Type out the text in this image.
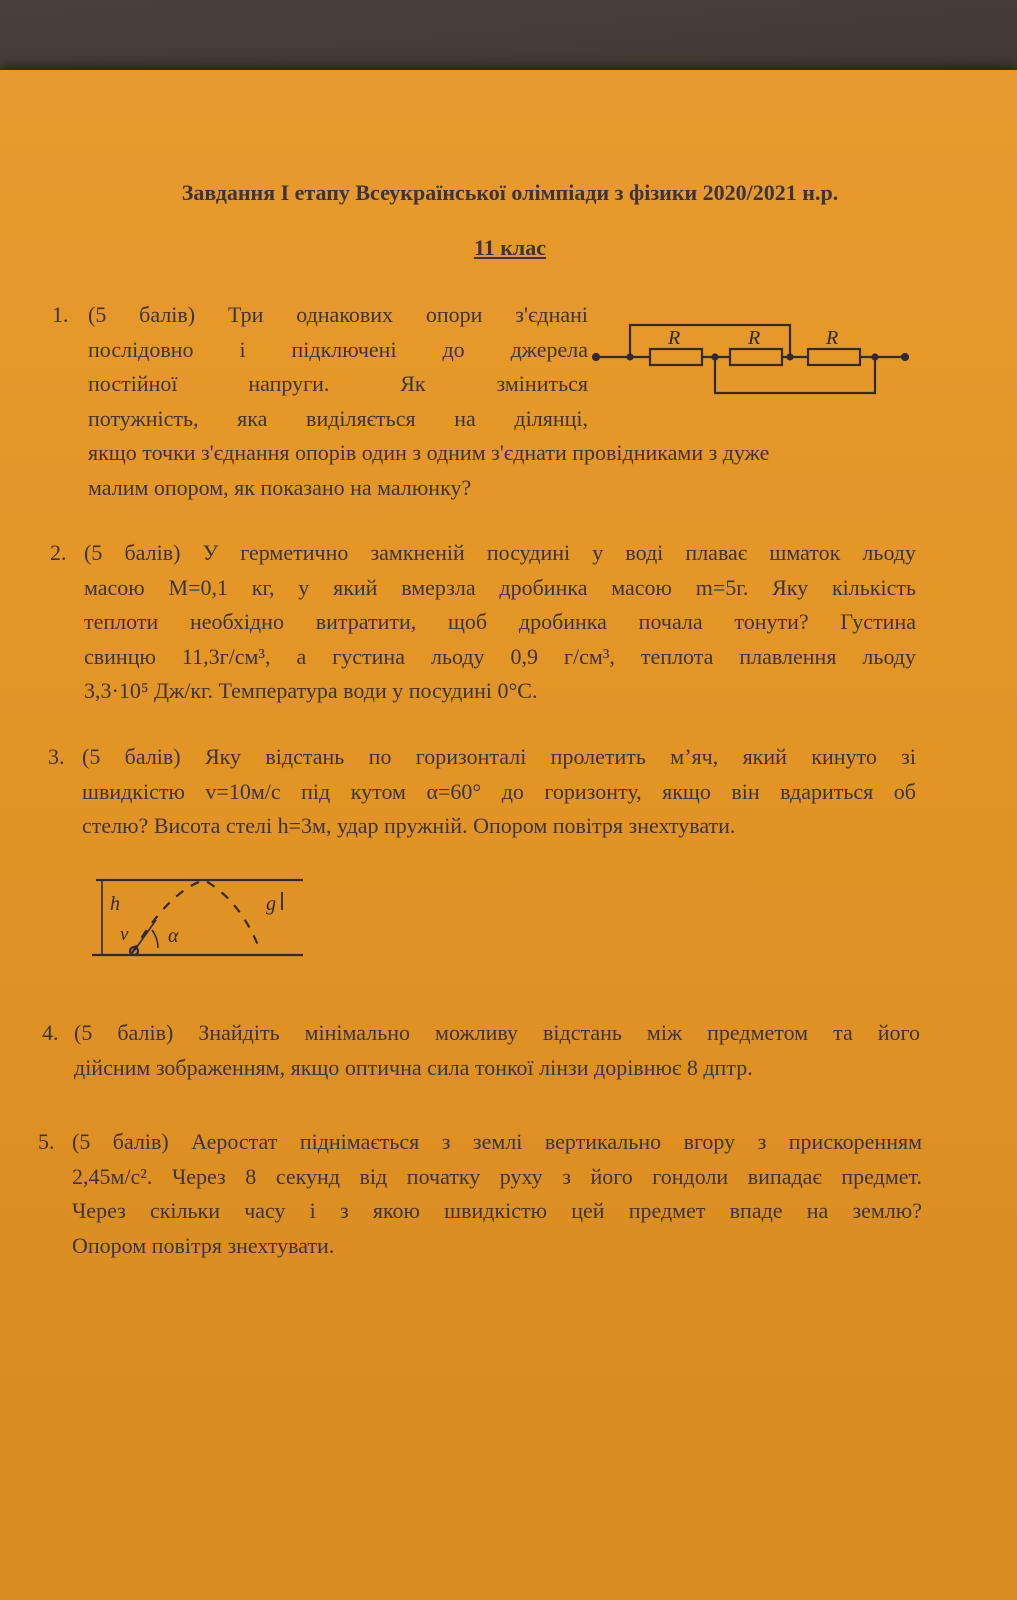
Завдання І етапу Всеукраїнської олімпіади з фізики 2020/2021 н.р.
11 клас
1. (5 балів) Три однакових опори з'єднані
послідовно і підключені до джерела
постійної напруги. Як зміниться
потужність, яка виділяється на ділянці,
якщо точки з'єднання опорів один з одним з'єднати провідниками з дуже
малим опором, як показано на малюнку?
R	R	R
2. (5 балів) У герметично замкненій посудині у воді плаває шматок льоду
масою M=0,1 кг, у який вмерзла дробинка масою m=5г. Яку кількість
теплоти необхідно витратити, щоб дробинка почала тонути? Густина
свинцю 11,3г/см³, а густина льоду 0,9 г/см³, теплота плавлення льоду
3,3·10⁵ Дж/кг. Температура води у посудині 0°С.
3. (5 балів) Яку відстань по горизонталі пролетить м’яч, який кинуто зі
швидкістю v=10м/с під кутом α=60° до горизонту, якщо він вдариться об
стелю? Висота стелі h=3м, удар пружній. Опором повітря знехтувати.
h
v α
g
4. (5 балів) Знайдіть мінімально можливу відстань між предметом та його
дійсним зображенням, якщо оптична сила тонкої лінзи дорівнює 8 дптр.
5. (5 балів) Аеростат піднімається з землі вертикально вгору з прискоренням
2,45м/с². Через 8 секунд від початку руху з його гондоли випадає предмет.
Через скільки часу і з якою швидкістю цей предмет впаде на землю?
Опором повітря знехтувати.
